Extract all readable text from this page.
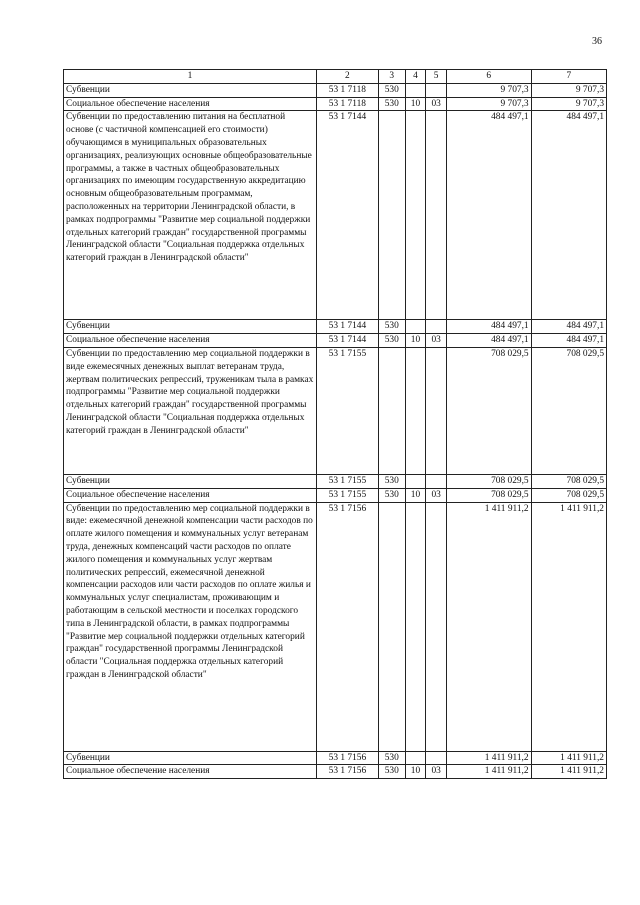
36
1	2	3	4	5	6	7
Субвенции	53 1 7118	530			9 707,3	9 707,3
Социальное обеспечение населения	53 1 7118	530	10	03	9 707,3	9 707,3
Субвенции по предоставлению питания на бесплатной основе (с частичной компенсацией его стоимости) обучающимся в муниципальных образовательных организациях, реализующих основные общеобразовательные программы, а также в частных общеобразовательных организациях по имеющим государственную аккредитацию основным общеобразовательным программам, расположенных на территории Ленинградской области, в рамках подпрограммы "Развитие мер социальной поддержки отдельных категорий граждан" государственной программы Ленинградской области "Социальная поддержка отдельных категорий граждан в Ленинградской области"	53 1 7144				484 497,1	484 497,1
Субвенции	53 1 7144	530			484 497,1	484 497,1
Социальное обеспечение населения	53 1 7144	530	10	03	484 497,1	484 497,1
Субвенции по предоставлению мер социальной поддержки в виде ежемесячных денежных выплат ветеранам труда, жертвам политических репрессий, труженикам тыла в рамках подпрограммы "Развитие мер социальной поддержки отдельных категорий граждан" государственной программы Ленинградской области "Социальная поддержка отдельных категорий граждан в Ленинградской области"	53 1 7155				708 029,5	708 029,5
Субвенции	53 1 7155	530			708 029,5	708 029,5
Социальное обеспечение населения	53 1 7155	530	10	03	708 029,5	708 029,5
Субвенции по предоставлению мер социальной поддержки в виде: ежемесячной денежной компенсации части расходов по оплате жилого помещения и коммунальных услуг ветеранам труда, денежных компенсаций части расходов по оплате жилого помещения и коммунальных услуг жертвам политических репрессий, ежемесячной денежной компенсации расходов или части расходов по оплате жилья и коммунальных услуг специалистам, проживающим и работающим в сельской местности и поселках городского типа в Ленинградской области, в рамках подпрограммы "Развитие мер социальной поддержки отдельных категорий граждан" государственной программы Ленинградской области "Социальная поддержка отдельных категорий граждан в Ленинградской области"	53 1 7156				1 411 911,2	1 411 911,2
Субвенции	53 1 7156	530			1 411 911,2	1 411 911,2
Социальное обеспечение населения	53 1 7156	530	10	03	1 411 911,2	1 411 911,2
